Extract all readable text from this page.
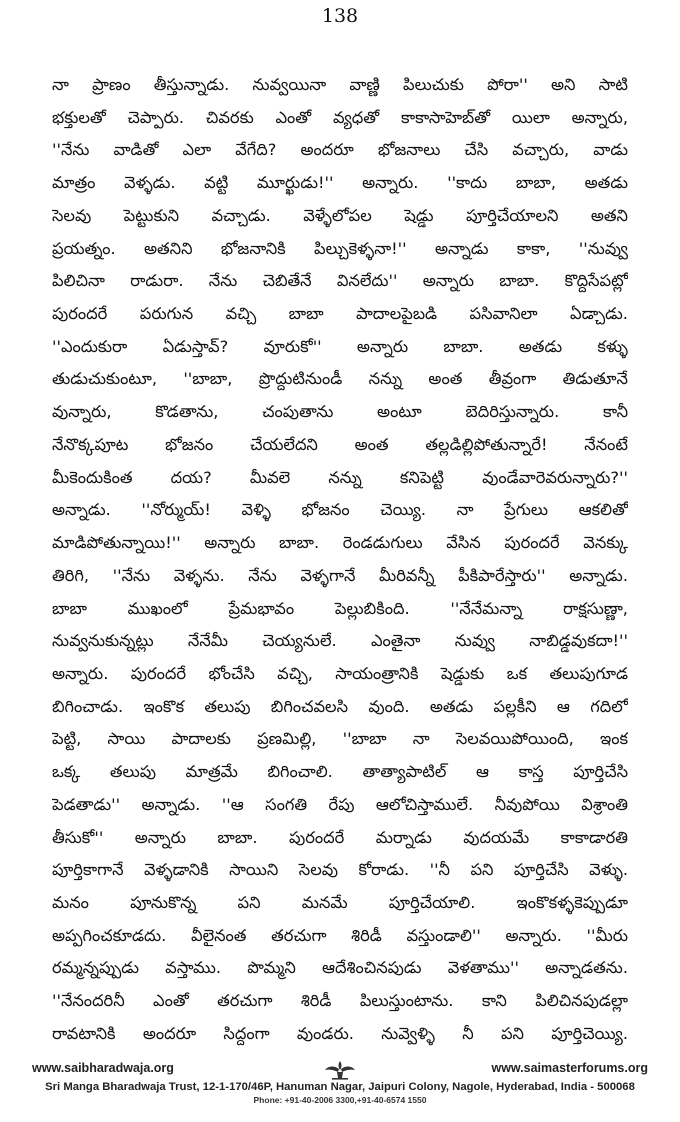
138
నా ప్రాణం తీస్తున్నాడు. నువ్వయినా వాణ్ణి పిలుచుకు పోరా'' అని సాటి
భక్తులతో చెప్పారు. చివరకు ఎంతో వ్యధతో కాకాసాహెబ్‌తో యిలా అన్నారు,
''నేను వాడితో ఎలా వేగేది? అందరూ భోజనాలు చేసి వచ్చారు, వాడు
మాత్రం వెళ్ళడు. వట్టి మూర్ఖుడు!'' అన్నారు. ''కాదు బాబా, అతడు
సెలవు పెట్టుకుని వచ్చాడు. వెళ్ళేలోపల షెడ్డు పూర్తిచేయాలని అతని
ప్రయత్నం. అతనిని భోజనానికి పిల్చుకెళ్ళనా!'' అన్నాడు కాకా, ''నువ్వు
పిలిచినా రాడురా. నేను చెబితేనే వినలేదు'' అన్నారు బాబా. కొద్దిసేపట్లో
పురందరే పరుగున వచ్చి బాబా పాదాలపైబడి పసివానిలా ఏడ్చాడు.
''ఎందుకురా ఏడుస్తావ్? వూరుకో'' అన్నారు బాబా. అతడు కళ్ళు
తుడుచుకుంటూ, ''బాబా, ప్రొద్దుటినుండీ నన్ను అంత తీవ్రంగా తిడుతూనే
వున్నారు, కొడతాను, చంపుతాను అంటూ బెదిరిస్తున్నారు. కానీ
నేనొక్కపూట భోజనం చేయలేదని అంత తల్లడిల్లిపోతున్నారే! నేనంటే
మీకెందుకింత దయ? మీవలె నన్ను కనిపెట్టి వుండేవారెవరున్నారు?''
అన్నాడు. ''నోర్ముయ్! వెళ్ళి భోజనం చెయ్యి. నా ప్రేగులు ఆకలితో
మాడిపోతున్నాయి!'' అన్నారు బాబా. రెండడుగులు వేసిన పురందరే వెనక్కు
తిరిగి, ''నేను వెళ్ళను. నేను వెళ్ళగానే మీరివన్నీ పీకిపారేస్తారు'' అన్నాడు.
బాబా ముఖంలో ప్రేమభావం పెల్లుబికింది. ''నేనేమన్నా రాక్షసుణ్ణా,
నువ్వనుకున్నట్లు నేనేమీ చెయ్యనులే. ఎంతైనా నువ్వు నాబిడ్డవుకదా!''
అన్నారు. పురందరే భోంచేసి వచ్చి, సాయంత్రానికి షెడ్డుకు ఒక తలుపుగూడ
బిగించాడు. ఇంకొక తలుపు బిగించవలసి వుంది. అతడు పల్లకీని ఆ గదిలో
పెట్టి, సాయి పాదాలకు ప్రణమిల్లి, ''బాబా నా సెలవయిపోయింది, ఇంక
ఒక్క తలుపు మాత్రమే బిగించాలి. తాత్యాపాటిల్ ఆ కాస్త పూర్తిచేసి
పెడతాడు'' అన్నాడు. ''ఆ సంగతి రేపు ఆలోచిస్తాములే. నీవుపోయి విశ్రాంతి
తీసుకో'' అన్నారు బాబా. పురందరే మర్నాడు వుదయమే కాకాడారతి
పూర్తికాగానే వెళ్ళడానికి సాయిని సెలవు కోరాడు. ''నీ పని పూర్తిచేసి వెళ్ళు.
మనం పూనుకొన్న పని మనమే పూర్తిచేయాలి. ఇంకొకళ్ళకెప్పుడూ
అప్పగించకూడదు. వీలైనంత తరచుగా శిరిడీ వస్తుండాలి'' అన్నారు. ''మీరు
రమ్మన్నప్పుడు వస్తాము. పొమ్మని ఆదేశించినపుడు వెళతాము'' అన్నాడతను.
''నేనందరినీ ఎంతో తరచుగా శిరిడీ పిలుస్తుంటాను. కాని పిలిచినపుడల్లా
రావటానికి అందరూ సిద్దంగా వుండరు. నువ్వెళ్ళి నీ పని పూర్తిచెయ్యి.
www.saibharadwaja.org	www.saimasterforums.org
Sri Manga Bharadwaja Trust, 12-1-170/46P, Hanuman Nagar, Jaipuri Colony, Nagole, Hyderabad, India - 500068
Phone: +91-40-2006 3300,+91-40-6574 1550
